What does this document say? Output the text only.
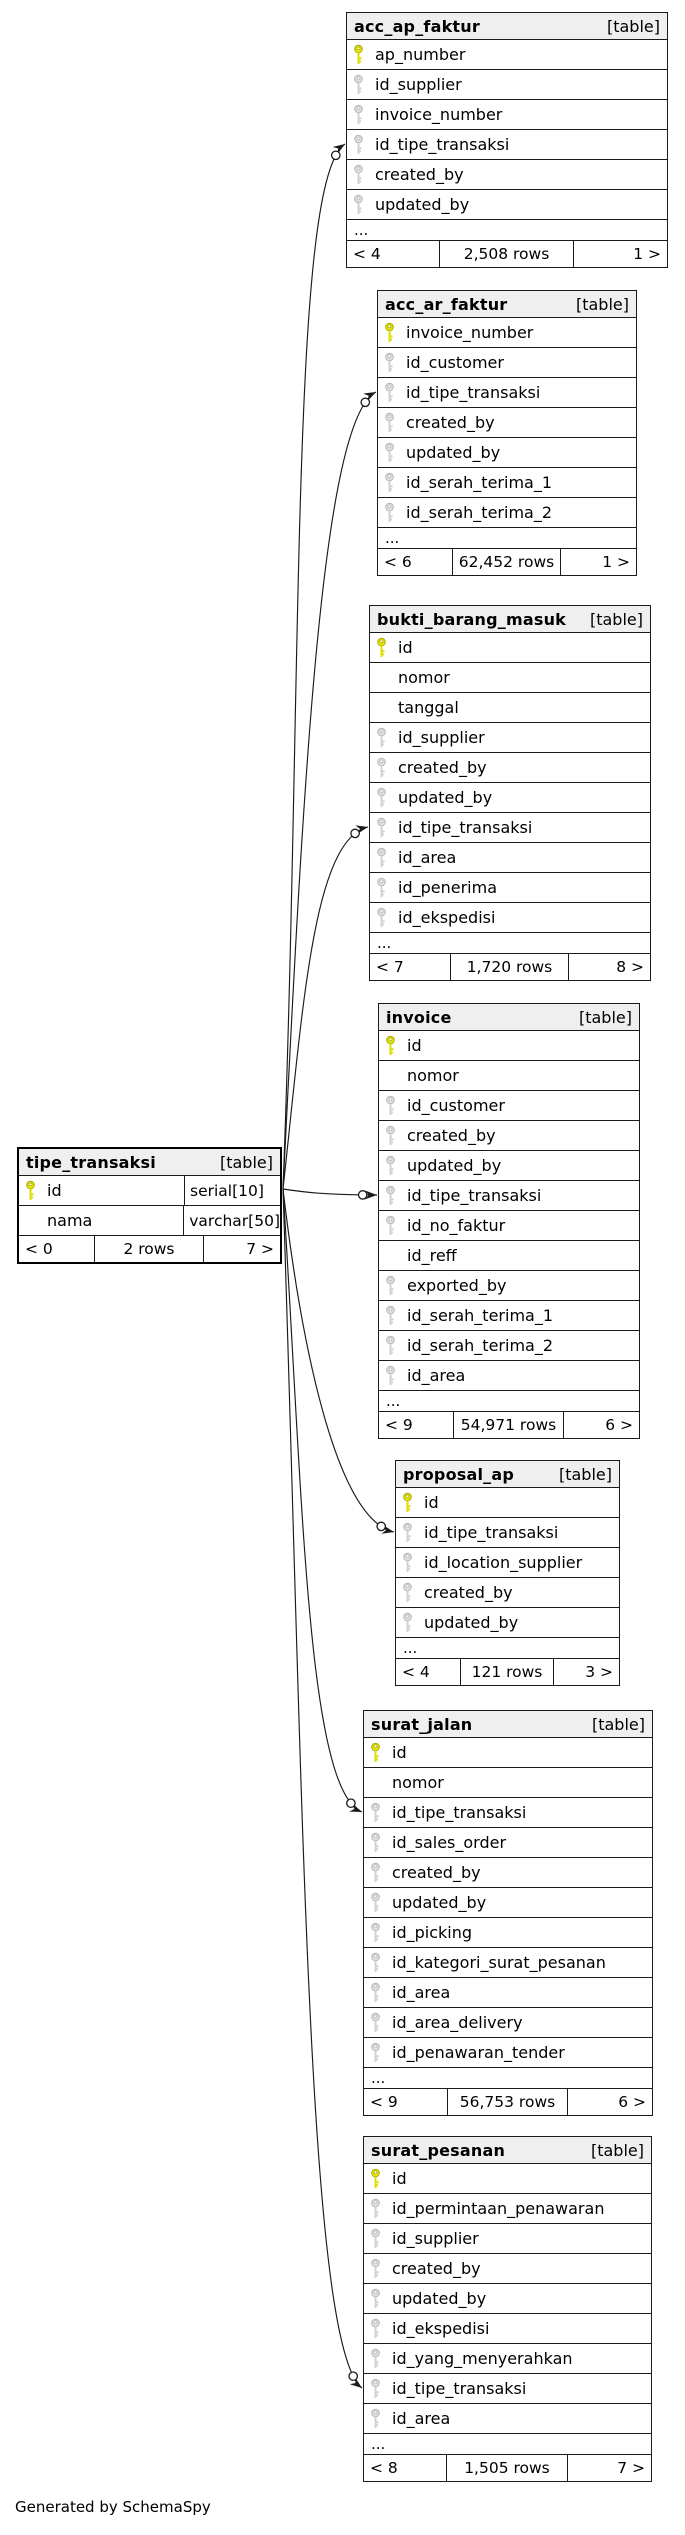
acc_ap_faktur	[table]
ap_number
id_supplier
invoice_number
id_tipe_transaksi
created_by
updated_by
...
< 4	2,508 rows	1 >
acc_ar_faktur	[table]
invoice_number
id_customer
id_tipe_transaksi
created_by
updated_by
id_serah_terima_1
id_serah_terima_2
...
< 6	62,452 rows	1 >
bukti_barang_masuk [table]
id
nomor
tanggal
id_supplier
created_by
updated_by
id_tipe_transaksi
id_area
id_penerima
id_ekspedisi
...
< 7	1,720 rows	8 >
invoice	[table]
id
nomor
id_customer
created_by
updated_by
id_tipe_transaksi
id_no_faktur
id_reff
exported_by
id_serah_terima_1
id_serah_terima_2
id_area
...
< 9	54,971 rows	6 >
tipe_transaksi	[table]
id	serial[10]
nama	varchar[50]
< 0	2 rows	7 >
proposal_ap	[table]
id
id_tipe_transaksi
id_location_supplier
created_by
updated_by
...
< 4	121 rows	3 >
surat_jalan	[table]
id
nomor
id_tipe_transaksi
id_sales_order
created_by
updated_by
id_picking
id_kategori_surat_pesanan
id_area
id_area_delivery
id_penawaran_tender
...
< 9	56,753 rows	6 >
surat_pesanan	[table]
id
id_permintaan_penawaran
id_supplier
created_by
updated_by
id_ekspedisi
id_yang_menyerahkan
id_tipe_transaksi
id_area
...
< 8	1,505 rows	7 >
Generated by SchemaSpy
